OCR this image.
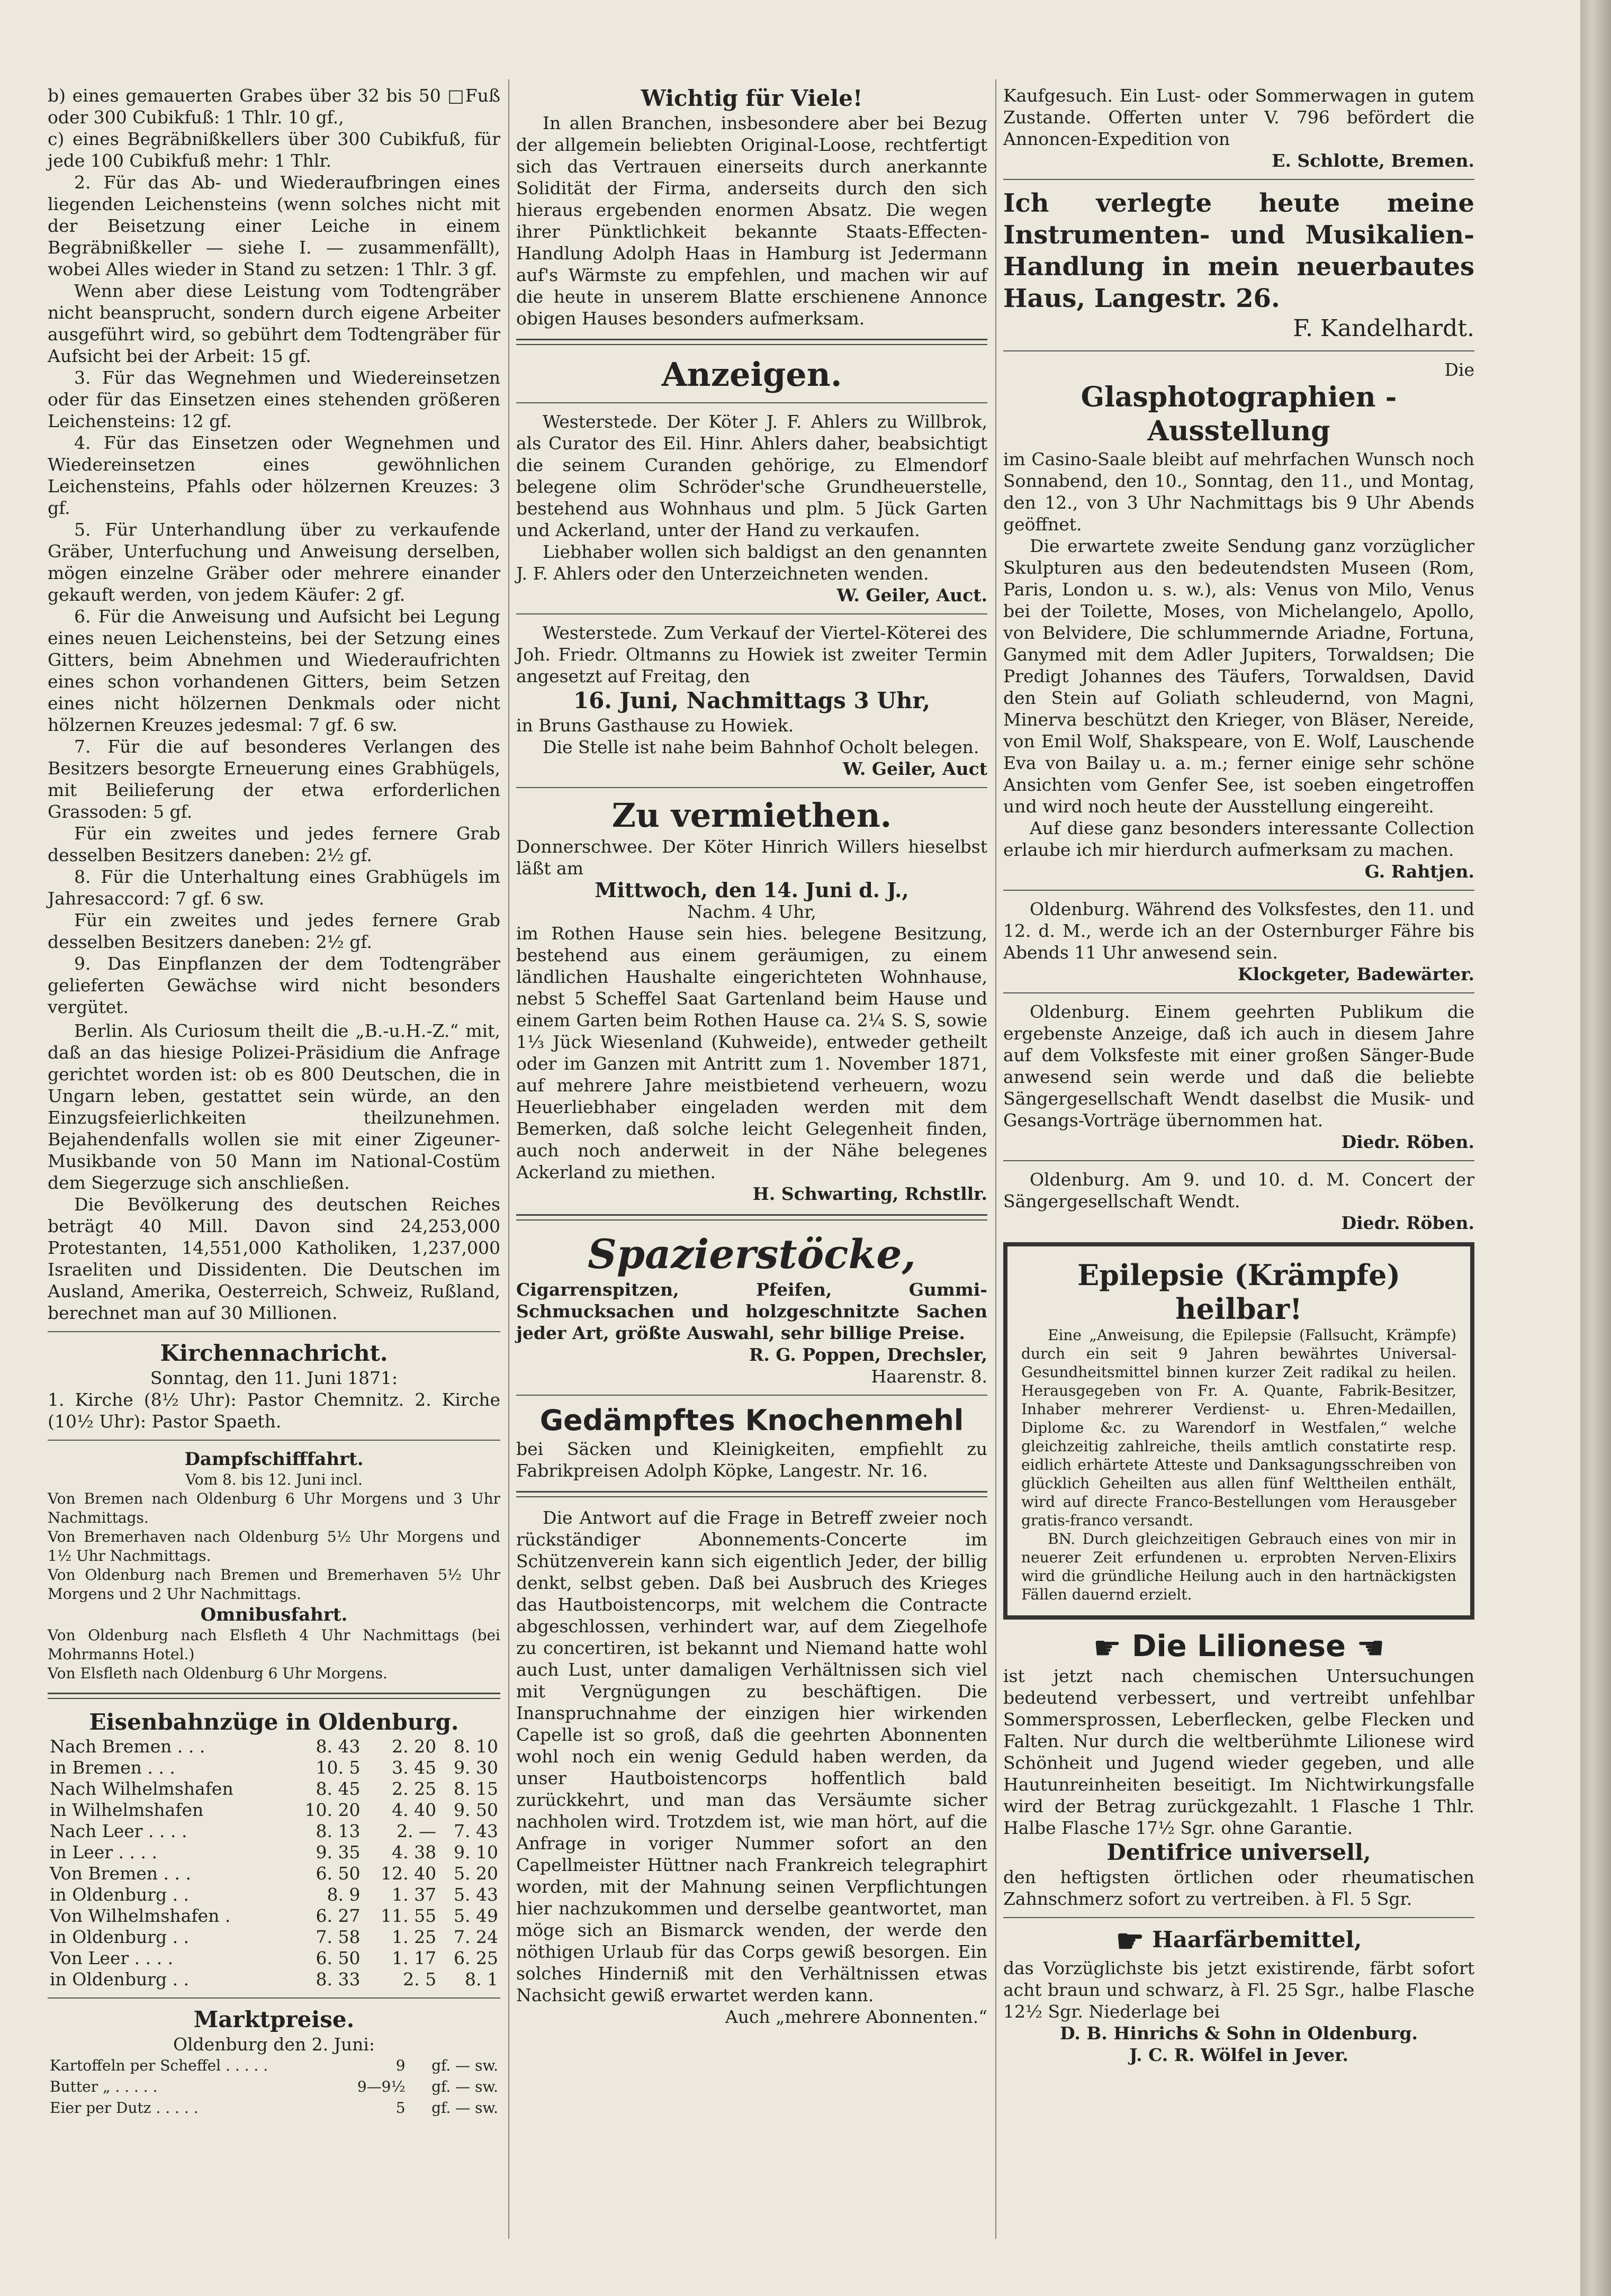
b) eines gemauerten Grabes über 32 bis 50 □Fuß oder 300 Cubikfuß: 1 Thlr. 10 gf.,

c) eines Begräbnißkellers über 300 Cubikfuß, für jede 100 Cubikfuß mehr: 1 Thlr.

2. Für das Ab- und Wiederaufbringen eines liegenden Leichensteins (wenn solches nicht mit der Beisetzung einer Leiche in einem Begräbnißkeller — siehe I. — zusammenfällt), wobei Alles wieder in Stand zu setzen: 1 Thlr. 3 gf.

Wenn aber diese Leistung vom Todtengräber nicht beansprucht, sondern durch eigene Arbeiter ausgeführt wird, so gebührt dem Todtengräber für Aufsicht bei der Arbeit: 15 gf.

3. Für das Wegnehmen und Wiedereinsetzen oder für das Einsetzen eines stehenden größeren Leichensteins: 12 gf.

4. Für das Einsetzen oder Wegnehmen und Wiedereinsetzen eines gewöhnlichen Leichensteins, Pfahls oder hölzernen Kreuzes: 3 gf.

5. Für Unterhandlung über zu verkaufende Gräber, Unterfuchung und Anweisung derselben, mögen einzelne Gräber oder mehrere einander gekauft werden, von jedem Käufer: 2 gf.

6. Für die Anweisung und Aufsicht bei Legung eines neuen Leichensteins, bei der Setzung eines Gitters, beim Abnehmen und Wiederaufrichten eines schon vorhandenen Gitters, beim Setzen eines nicht hölzernen Denkmals oder nicht hölzernen Kreuzes jedesmal: 7 gf. 6 sw.

7. Für die auf besonderes Verlangen des Besitzers besorgte Erneuerung eines Grabhügels, mit Beilieferung der etwa erforderlichen Grassoden: 5 gf.

Für ein zweites und jedes fernere Grab desselben Besitzers daneben: 2½ gf.

8. Für die Unterhaltung eines Grabhügels im Jahresaccord: 7 gf. 6 sw.

Für ein zweites und jedes fernere Grab desselben Besitzers daneben: 2½ gf.

9. Das Einpflanzen der dem Todtengräber gelieferten Gewächse wird nicht besonders vergütet.

Berlin. Als Curiosum theilt die „B.-u.H.-Z.“ mit, daß an das hiesige Polizei-Präsidium die Anfrage gerichtet worden ist: ob es 800 Deutschen, die in Ungarn leben, gestattet sein würde, an den Einzugsfeierlichkeiten theilzunehmen. Bejahendenfalls wollen sie mit einer Zigeuner-Musikbande von 50 Mann im National-Costüm dem Siegerzuge sich anschließen.

Die Bevölkerung des deutschen Reiches beträgt 40 Mill. Davon sind 24,253,000 Protestanten, 14,551,000 Katholiken, 1,237,000 Israeliten und Dissidenten. Die Deutschen im Ausland, Amerika, Oesterreich, Schweiz, Rußland, berechnet man auf 30 Millionen.

Kirchennachricht.

Sonntag, den 11. Juni 1871:

1. Kirche (8½ Uhr): Pastor Chemnitz. 2. Kirche (10½ Uhr): Pastor Spaeth.

Dampfschifffahrt.

Vom 8. bis 12. Juni incl.

Von Bremen nach Oldenburg 6 Uhr Morgens und 3 Uhr Nachmittags.

Von Bremerhaven nach Oldenburg 5½ Uhr Morgens und 1½ Uhr Nachmittags.

Von Oldenburg nach Bremen und Bremerhaven 5½ Uhr Morgens und 2 Uhr Nachmittags.

Omnibusfahrt.

Von Oldenburg nach Elsfleth 4 Uhr Nachmittags (bei Mohrmanns Hotel.)

Von Elsfleth nach Oldenburg 6 Uhr Morgens.

Eisenbahnzüge in Oldenburg.

Nach Bremen . . .	8. 43	2. 20	8. 10
in Bremen . . .	10. 5	3. 45	9. 30
Nach Wilhelmshafen	8. 45	2. 25	8. 15
in Wilhelmshafen	10. 20	4. 40	9. 50
Nach Leer . . . .	8. 13	2. —	7. 43
in Leer . . . .	9. 35	4. 38	9. 10
Von Bremen . . .	6. 50	12. 40	5. 20
in Oldenburg . .	8. 9	1. 37	5. 43
Von Wilhelmshafen .	6. 27	11. 55	5. 49
in Oldenburg . .	7. 58	1. 25	7. 24
Von Leer . . . .	6. 50	1. 17	6. 25
in Oldenburg . .	8. 33	2. 5	8. 1

Marktpreise.

Oldenburg den 2. Juni:

Kartoffeln per Scheffel . . . . .	9	gf. — sw.
Butter „ . . . . .	9—9½	gf. — sw.
Eier per Dutz . . . . .	5	gf. — sw.

Wichtig für Viele!

In allen Branchen, insbesondere aber bei Bezug der allgemein beliebten Original-Loose, rechtfertigt sich das Vertrauen einerseits durch anerkannte Solidität der Firma, anderseits durch den sich hieraus ergebenden enormen Absatz. Die wegen ihrer Pünktlichkeit bekannte Staats-Effecten-Handlung Adolph Haas in Hamburg ist Jedermann auf's Wärmste zu empfehlen, und machen wir auf die heute in unserem Blatte erschienene Annonce obigen Hauses besonders aufmerksam.

Anzeigen.

Westerstede. Der Köter J. F. Ahlers zu Willbrok, als Curator des Eil. Hinr. Ahlers daher, beabsichtigt die seinem Curanden gehörige, zu Elmendorf belegene olim Schröder'sche Grundheuerstelle, bestehend aus Wohnhaus und plm. 5 Jück Garten und Ackerland, unter der Hand zu verkaufen.

Liebhaber wollen sich baldigst an den genannten J. F. Ahlers oder den Unterzeichneten wenden.

W. Geiler, Auct.

Westerstede. Zum Verkauf der Viertel-Köterei des Joh. Friedr. Oltmanns zu Howiek ist zweiter Termin angesetzt auf Freitag, den

16. Juni, Nachmittags 3 Uhr,

in Bruns Gasthause zu Howiek.

Die Stelle ist nahe beim Bahnhof Ocholt belegen.

W. Geiler, Auct

Zu vermiethen.

Donnerschwee. Der Köter Hinrich Willers hieselbst läßt am

Mittwoch, den 14. Juni d. J.,

Nachm. 4 Uhr,

im Rothen Hause sein hies. belegene Besitzung, bestehend aus einem geräumigen, zu einem ländlichen Haushalte eingerichteten Wohnhause, nebst 5 Scheffel Saat Gartenland beim Hause und einem Garten beim Rothen Hause ca. 2¼ S. S, sowie 1⅓ Jück Wiesenland (Kuhweide), entweder getheilt oder im Ganzen mit Antritt zum 1. November 1871, auf mehrere Jahre meistbietend verheuern, wozu Heuerliebhaber eingeladen werden mit dem Bemerken, daß solche leicht Gelegenheit finden, auch noch anderweit in der Nähe belegenes Ackerland zu miethen.

H. Schwarting, Rchstllr.

Spazierstöcke,

Cigarrenspitzen, Pfeifen, Gummi-Schmucksachen und holzgeschnitzte Sachen jeder Art, größte Auswahl, sehr billige Preise.

R. G. Poppen, Drechsler,

Haarenstr. 8.

Gedämpftes Knochenmehl

bei Säcken und Kleinigkeiten, empfiehlt zu Fabrikpreisen Adolph Köpke, Langestr. Nr. 16.

Die Antwort auf die Frage in Betreff zweier noch rückständiger Abonnements-Concerte im Schützenverein kann sich eigentlich Jeder, der billig denkt, selbst geben. Daß bei Ausbruch des Krieges das Hautboistencorps, mit welchem die Contracte abgeschlossen, verhindert war, auf dem Ziegelhofe zu concertiren, ist bekannt und Niemand hatte wohl auch Lust, unter damaligen Verhältnissen sich viel mit Vergnügungen zu beschäftigen. Die Inanspruchnahme der einzigen hier wirkenden Capelle ist so groß, daß die geehrten Abonnenten wohl noch ein wenig Geduld haben werden, da unser Hautboistencorps hoffentlich bald zurückkehrt, und man das Versäumte sicher nachholen wird. Trotzdem ist, wie man hört, auf die Anfrage in voriger Nummer sofort an den Capellmeister Hüttner nach Frankreich telegraphirt worden, mit der Mahnung seinen Verpflichtungen hier nachzukommen und derselbe geantwortet, man möge sich an Bismarck wenden, der werde den nöthigen Urlaub für das Corps gewiß besorgen. Ein solches Hinderniß mit den Verhältnissen etwas Nachsicht gewiß erwartet werden kann.

Auch „mehrere Abonnenten.“

Kaufgesuch. Ein Lust- oder Sommerwagen in gutem Zustande. Offerten unter V. 796 befördert die Annoncen-Expedition von

E. Schlotte, Bremen.

Ich verlegte heute meine Instrumenten- und Musikalien-Handlung in mein neuerbautes Haus, Langestr. 26.

F. Kandelhardt.

Die

Glasphotographien - Ausstellung

im Casino-Saale bleibt auf mehrfachen Wunsch noch Sonnabend, den 10., Sonntag, den 11., und Montag, den 12., von 3 Uhr Nachmittags bis 9 Uhr Abends geöffnet.

Die erwartete zweite Sendung ganz vorzüglicher Skulpturen aus den bedeutendsten Museen (Rom, Paris, London u. s. w.), als: Venus von Milo, Venus bei der Toilette, Moses, von Michelangelo, Apollo, von Belvidere, Die schlummernde Ariadne, Fortuna, Ganymed mit dem Adler Jupiters, Torwaldsen; Die Predigt Johannes des Täufers, Torwaldsen, David den Stein auf Goliath schleudernd, von Magni, Minerva beschützt den Krieger, von Bläser, Nereide, von Emil Wolf, Shakspeare, von E. Wolf, Lauschende Eva von Bailay u. a. m.; ferner einige sehr schöne Ansichten vom Genfer See, ist soeben eingetroffen und wird noch heute der Ausstellung eingereiht.

Auf diese ganz besonders interessante Collection erlaube ich mir hierdurch aufmerksam zu machen.

G. Rahtjen.

Oldenburg. Während des Volksfestes, den 11. und 12. d. M., werde ich an der Osternburger Fähre bis Abends 11 Uhr anwesend sein.

Klockgeter, Badewärter.

Oldenburg. Einem geehrten Publikum die ergebenste Anzeige, daß ich auch in diesem Jahre auf dem Volksfeste mit einer großen Sänger-Bude anwesend sein werde und daß die beliebte Sängergesellschaft Wendt daselbst die Musik- und Gesangs-Vorträge übernommen hat.

Diedr. Röben.

Oldenburg. Am 9. und 10. d. M. Concert der Sängergesellschaft Wendt.

Diedr. Röben.

Epilepsie (Krämpfe)

heilbar!

Eine „Anweisung, die Epilepsie (Fallsucht, Krämpfe) durch ein seit 9 Jahren bewährtes Universal-Gesundheitsmittel binnen kurzer Zeit radikal zu heilen. Herausgegeben von Fr. A. Quante, Fabrik-Besitzer, Inhaber mehrerer Verdienst- u. Ehren-Medaillen, Diplome &c. zu Warendorf in Westfalen,“ welche gleichzeitig zahlreiche, theils amtlich constatirte resp. eidlich erhärtete Atteste und Danksagungsschreiben von glücklich Geheilten aus allen fünf Welttheilen enthält, wird auf directe Franco-Bestellungen vom Herausgeber gratis-franco versandt.

BN. Durch gleichzeitigen Gebrauch eines von mir in neuerer Zeit erfundenen u. erprobten Nerven-Elixirs wird die gründliche Heilung auch in den hartnäckigsten Fällen dauernd erzielt.

☛ Die Lilionese ☛

ist jetzt nach chemischen Untersuchungen bedeutend verbessert, und vertreibt unfehlbar Sommersprossen, Leberflecken, gelbe Flecken und Falten. Nur durch die weltberühmte Lilionese wird Schönheit und Jugend wieder gegeben, und alle Hautunreinheiten beseitigt. Im Nichtwirkungsfalle wird der Betrag zurückgezahlt. 1 Flasche 1 Thlr. Halbe Flasche 17½ Sgr. ohne Garantie.

Dentifrice universell,

den heftigsten örtlichen oder rheumatischen Zahnschmerz sofort zu vertreiben. à Fl. 5 Sgr.

☛ Haarfärbemittel,

das Vorzüglichste bis jetzt existirende, färbt sofort acht braun und schwarz, à Fl. 25 Sgr., halbe Flasche 12½ Sgr. Niederlage bei

D. B. Hinrichs & Sohn in Oldenburg.

J. C. R. Wölfel in Jever.
